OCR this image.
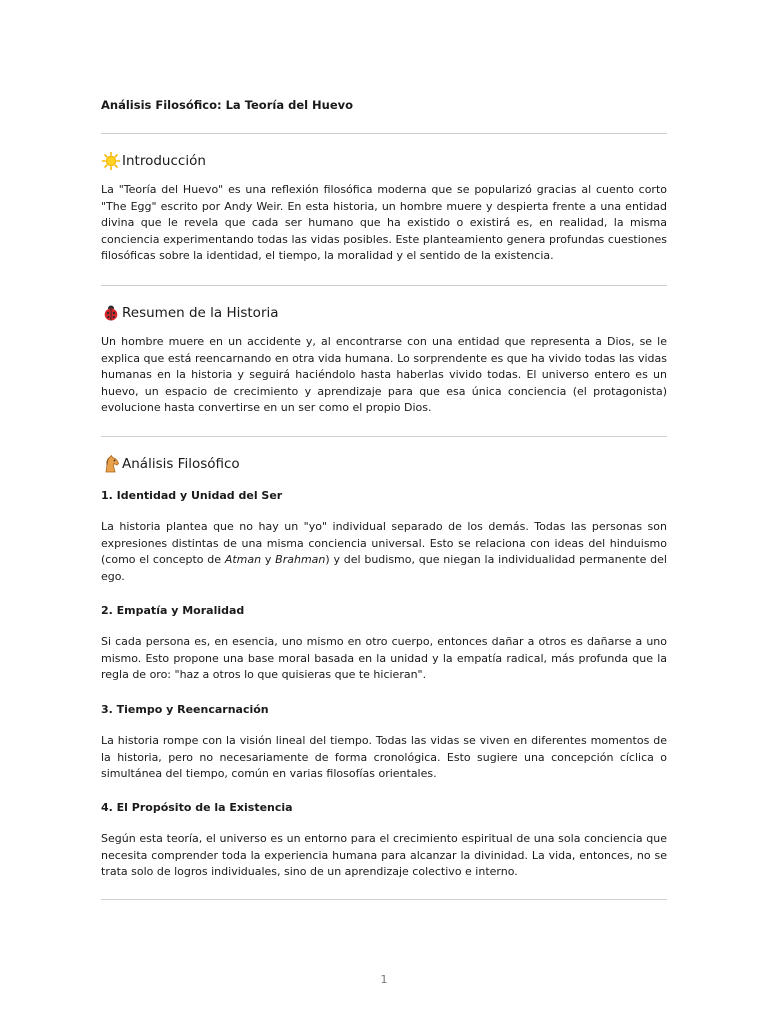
Análisis Filosófico: La Teoría del Huevo
Introducción

La "Teoría del Huevo" es una reflexión filosófica moderna que se popularizó gracias al cuento corto "The Egg" escrito por Andy Weir. En esta historia, un hombre muere y despierta frente a una entidad divina que le revela que cada ser humano que ha existido o existirá es, en realidad, la misma conciencia experimentando todas las vidas posibles. Este planteamiento genera profundas cuestiones filosóficas sobre la identidad, el tiempo, la moralidad y el sentido de la existencia.

Resumen de la Historia

Un hombre muere en un accidente y, al encontrarse con una entidad que representa a Dios, se le explica que está reencarnando en otra vida humana. Lo sorprendente es que ha vivido todas las vidas humanas en la historia y seguirá haciéndolo hasta haberlas vivido todas. El universo entero es un huevo, un espacio de crecimiento y aprendizaje para que esa única conciencia (el protagonista) evolucione hasta convertirse en un ser como el propio Dios.

Análisis Filosófico
1. Identidad y Unidad del Ser

La historia plantea que no hay un "yo" individual separado de los demás. Todas las personas son expresiones distintas de una misma conciencia universal. Esto se relaciona con ideas del hinduismo (como el concepto de Atman y Brahman) y del budismo, que niegan la individualidad permanente del ego.

2. Empatía y Moralidad

Si cada persona es, en esencia, uno mismo en otro cuerpo, entonces dañar a otros es dañarse a uno mismo. Esto propone una base moral basada en la unidad y la empatía radical, más profunda que la regla de oro: "haz a otros lo que quisieras que te hicieran".

3. Tiempo y Reencarnación

La historia rompe con la visión lineal del tiempo. Todas las vidas se viven en diferentes momentos de la historia, pero no necesariamente de forma cronológica. Esto sugiere una concepción cíclica o simultánea del tiempo, común en varias filosofías orientales.

4. El Propósito de la Existencia

Según esta teoría, el universo es un entorno para el crecimiento espiritual de una sola conciencia que necesita comprender toda la experiencia humana para alcanzar la divinidad. La vida, entonces, no se trata solo de logros individuales, sino de un aprendizaje colectivo e interno.

1
